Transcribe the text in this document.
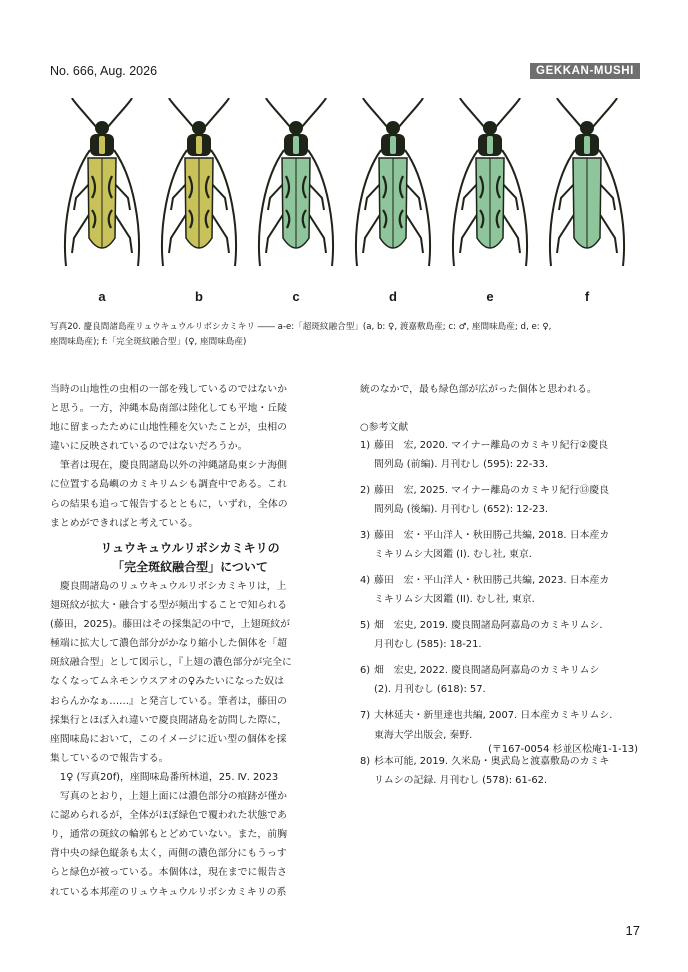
No. 666, Aug. 2026	GEKKAN-MUSHI
a	b	c	d	e	f
写真20. 慶良間諸島産リュウキュウルリボシカミキリ ―― a-e:「超斑紋融合型」(a, b: ♀, 渡嘉敷島産; c: ♂, 座間味島産; d, e: ♀,
座間味島産); f:「完全斑紋融合型」(♀, 座間味島産)

当時の山地性の虫相の一部を残しているのではないか

と思う。一方，沖縄本島南部は陸化しても平地・丘陵

地に留まったために山地性種を欠いたことが，虫相の

違いに反映されているのではないだろうか。

　筆者は現在，慶良間諸島以外の沖縄諸島東シナ海側

に位置する島嶼のカミキリムシも調査中である。これ

らの結果も追って報告するとともに，いずれ，全体の

まとめができればと考えている。

リュウキュウルリボシカミキリの
「完全斑紋融合型」について

　慶良間諸島のリュウキュウルリボシカミキリは，上

翅斑紋が拡大・融合する型が頻出することで知られる

(藤田，2025)。藤田はその採集記の中で，上翅斑紋が

極端に拡大して濃色部分がかなり縮小した個体を「超

斑紋融合型」として図示し，『上翅の濃色部分が完全に

なくなってムネモンウスアオの♀みたいになった奴は

おらんかなぁ……』と発言している。筆者は，藤田の

採集行とほぼ入れ違いで慶良間諸島を訪問した際に，

座間味島において，このイメージに近い型の個体を採

集しているので報告する。

　1♀ (写真20f)，座間味島番所林道，25. Ⅳ. 2023

　写真のとおり，上翅上面には濃色部分の痕跡が僅か

に認められるが，全体がほぼ緑色で覆われた状態であ

り，通常の斑紋の輪郭もとどめていない。また，前胸

背中央の緑色縦条も太く，両側の濃色部分にもうっす

らと緑色が被っている。本個体は，現在までに報告さ

れている本邦産のリュウキュウルリボシカミキリの系

統のなかで，最も緑色部が広がった個体と思われる。

○参考文献
1) 藤田　宏, 2020. マイナー離島のカミキリ紀行②慶良
間列島 (前編). 月刊むし (595): 22-33.
2) 藤田　宏, 2025. マイナー離島のカミキリ紀行⑬慶良
間列島 (後編). 月刊むし (652): 12-23.
3) 藤田　宏・平山洋人・秋田勝己共編, 2018. 日本産カ
ミキリムシ大図鑑 (I). むし社, 東京.
4) 藤田　宏・平山洋人・秋田勝己共編, 2023. 日本産カ
ミキリムシ大図鑑 (II). むし社, 東京.
5) 畑　宏史, 2019. 慶良間諸島阿嘉島のカミキリムシ.
月刊むし (585): 18-21.
6) 畑　宏史, 2022. 慶良間諸島阿嘉島のカミキリムシ
(2). 月刊むし (618): 57.
7) 大林延夫・新里達也共編, 2007. 日本産カミキリムシ.
東海大学出版会, 秦野.
8) 杉本可能, 2019. 久米島・奥武島と渡嘉敷島のカミキ
リムシの記録. 月刊むし (578): 61-62.
(〒167-0054 杉並区松庵1-1-13)
17
